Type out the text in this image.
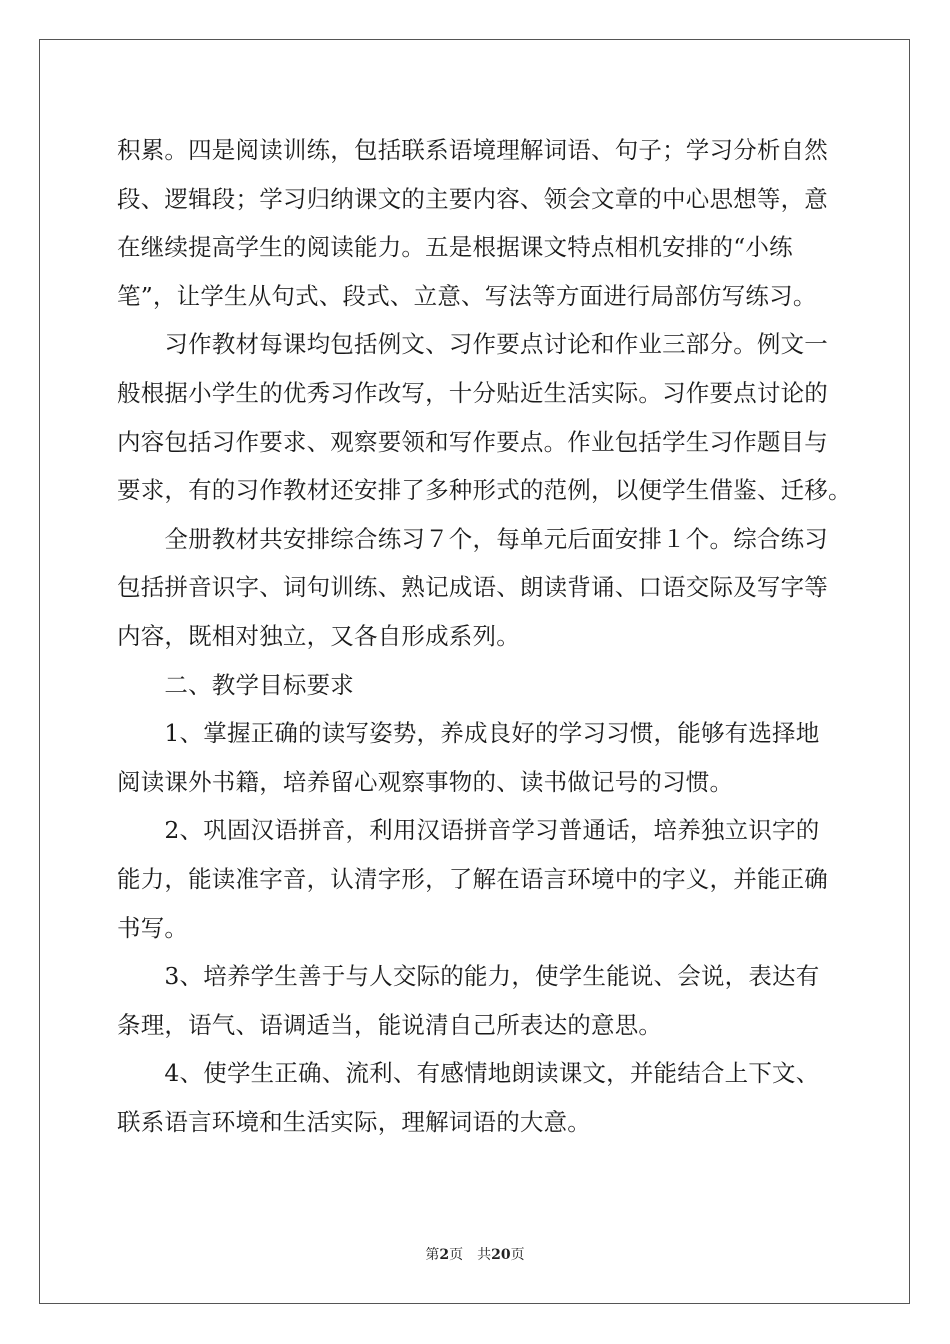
积累。四是阅读训练，包括联系语境理解词语、句子；学习分析自然
段、逻辑段；学习归纳课文的主要内容、领会文章的中心思想等，意
在继续提高学生的阅读能力。五是根据课文特点相机安排的“小练
笔”，让学生从句式、段式、立意、写法等方面进行局部仿写练习。
　　习作教材每课均包括例文、习作要点讨论和作业三部分。例文一
般根据小学生的优秀习作改写，十分贴近生活实际。习作要点讨论的
内容包括习作要求、观察要领和写作要点。作业包括学生习作题目与
要求，有的习作教材还安排了多种形式的范例，以便学生借鉴、迁移。
　　全册教材共安排综合练习７个，每单元后面安排１个。综合练习
包括拼音识字、词句训练、熟记成语、朗读背诵、口语交际及写字等
内容，既相对独立，又各自形成系列。
　　二、教学目标要求
　　1、掌握正确的读写姿势，养成良好的学习习惯，能够有选择地
阅读课外书籍，培养留心观察事物的、读书做记号的习惯。
　　2、巩固汉语拼音，利用汉语拼音学习普通话，培养独立识字的
能力，能读准字音，认清字形，了解在语言环境中的字义，并能正确
书写。
　　3、培养学生善于与人交际的能力，使学生能说、会说，表达有
条理，语气、语调适当，能说清自己所表达的意思。
　　4、使学生正确、流利、有感情地朗读课文，并能结合上下文、
联系语言环境和生活实际，理解词语的大意。
第2页 共20页
